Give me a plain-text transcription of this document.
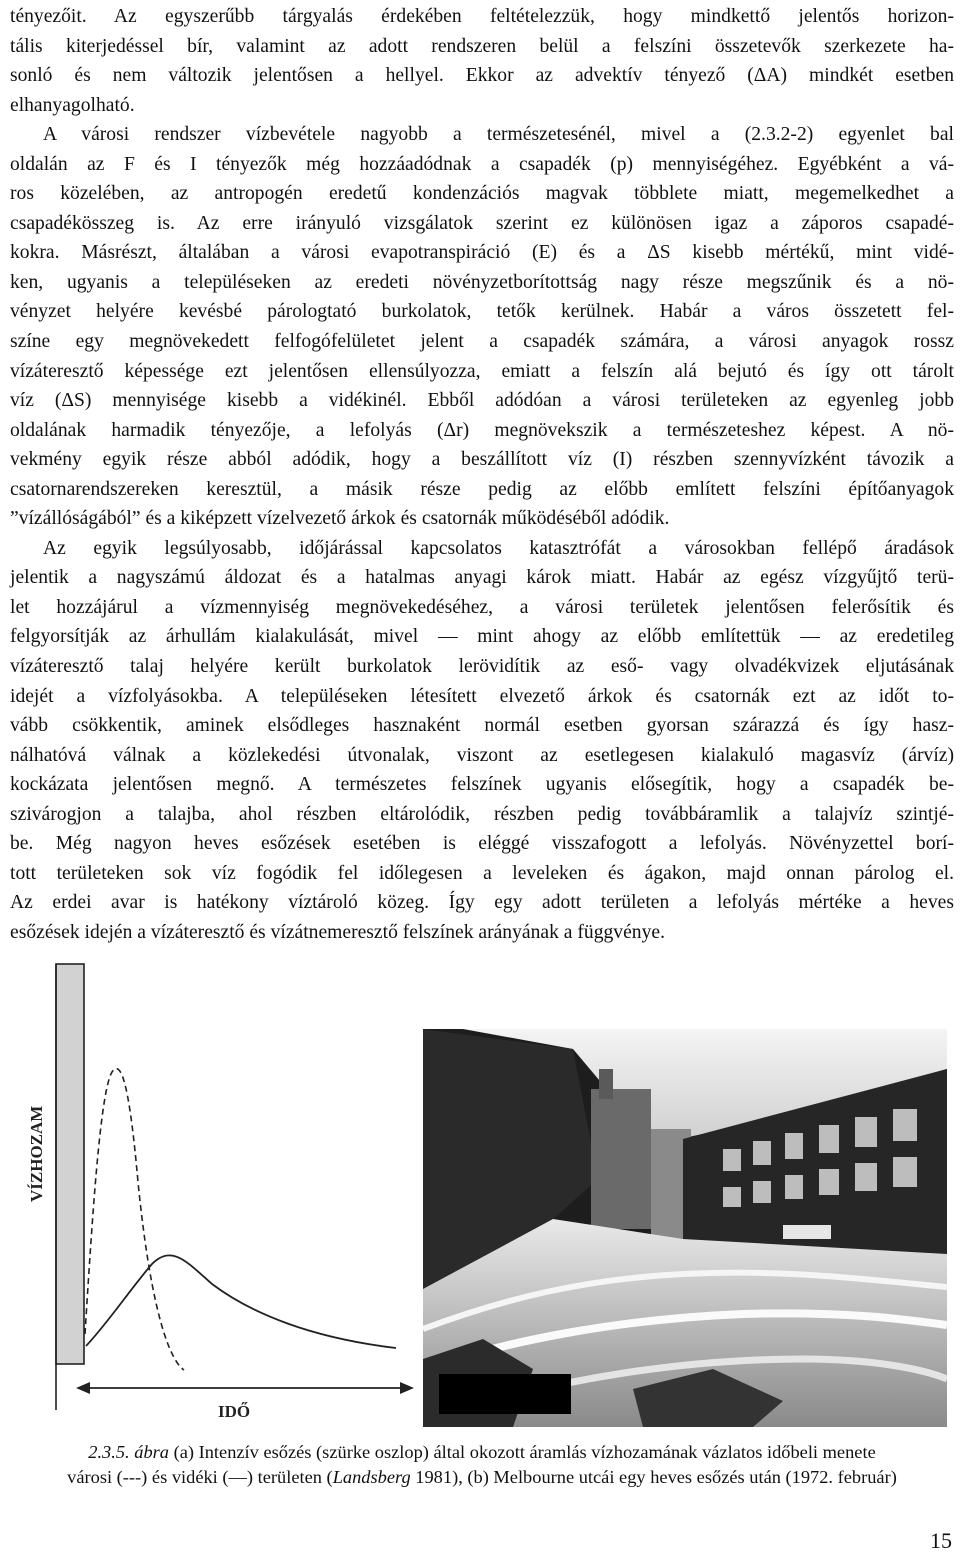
tényezőit. Az egyszerűbb tárgyalás érdekében feltételezzük, hogy mindkettő jelentős horizon-

tális kiterjedéssel bír, valamint az adott rendszeren belül a felszíni összetevők szerkezete ha-

sonló és nem változik jelentősen a hellyel. Ekkor az advektív tényező (ΔA) mindkét esetben

elhanyagolható.

A városi rendszer vízbevétele nagyobb a természetesénél, mivel a (2.3.2-2) egyenlet bal

oldalán az F és I tényezők még hozzáadódnak a csapadék (p) mennyiségéhez. Egyébként a vá-

ros közelében, az antropogén eredetű kondenzációs magvak többlete miatt, megemelkedhet a

csapadékösszeg is. Az erre irányuló vizsgálatok szerint ez különösen igaz a záporos csapadé-

kokra. Másrészt, általában a városi evapotranspiráció (E) és a ΔS kisebb mértékű, mint vidé-

ken, ugyanis a településeken az eredeti növényzetborítottság nagy része megszűnik és a nö-

vényzet helyére kevésbé párologtató burkolatok, tetők kerülnek. Habár a város összetett fel-

színe egy megnövekedett felfogófelületet jelent a csapadék számára, a városi anyagok rossz

vízáteresztő képessége ezt jelentősen ellensúlyozza, emiatt a felszín alá bejutó és így ott tárolt

víz (ΔS) mennyisége kisebb a vidékinél. Ebből adódóan a városi területeken az egyenleg jobb

oldalának harmadik tényezője, a lefolyás (Δr) megnövekszik a természeteshez képest. A nö-

vekmény egyik része abból adódik, hogy a beszállított víz (I) részben szennyvízként távozik a

csatornarendszereken keresztül, a másik része pedig az előbb említett felszíni építőanyagok

”vízállóságából” és a kiképzett vízelvezető árkok és csatornák működéséből adódik.

Az egyik legsúlyosabb, időjárással kapcsolatos katasztrófát a városokban fellépő áradások

jelentik a nagyszámú áldozat és a hatalmas anyagi károk miatt. Habár az egész vízgyűjtő terü-

let hozzájárul a vízmennyiség megnövekedéséhez, a városi területek jelentősen felerősítik és

felgyorsítják az árhullám kialakulását, mivel — mint ahogy az előbb említettük — az eredetileg

vízáteresztő talaj helyére került burkolatok lerövidítik az eső- vagy olvadékvizek eljutásának

idejét a vízfolyásokba. A településeken létesített elvezető árkok és csatornák ezt az időt to-

vább csökkentik, aminek elsődleges hasznaként normál esetben gyorsan szárazzá és így hasz-

nálhatóvá válnak a közlekedési útvonalak, viszont az esetlegesen kialakuló magasvíz (árvíz)

kockázata jelentősen megnő. A természetes felszínek ugyanis elősegítik, hogy a csapadék be-

szivárogjon a talajba, ahol részben eltárolódik, részben pedig továbbáramlik a talajvíz szintjé-

be. Még nagyon heves esőzések esetében is eléggé visszafogott a lefolyás. Növényzettel borí-

tott területeken sok víz fogódik fel időlegesen a leveleken és ágakon, majd onnan párolog el.

Az erdei avar is hatékony víztároló közeg. Így egy adott területen a lefolyás mértéke a heves

esőzések idején a vízáteresztő és vízátnemeresztő felszínek arányának a függvénye.

VÍZHOZAM
IDŐ
2.3.5. ábra (a) Intenzív esőzés (szürke oszlop) által okozott áramlás vízhozamának vázlatos időbeli menete
városi (---) és vidéki (—) területen (Landsberg 1981), (b) Melbourne utcái egy heves esőzés után (1972. február)
15
